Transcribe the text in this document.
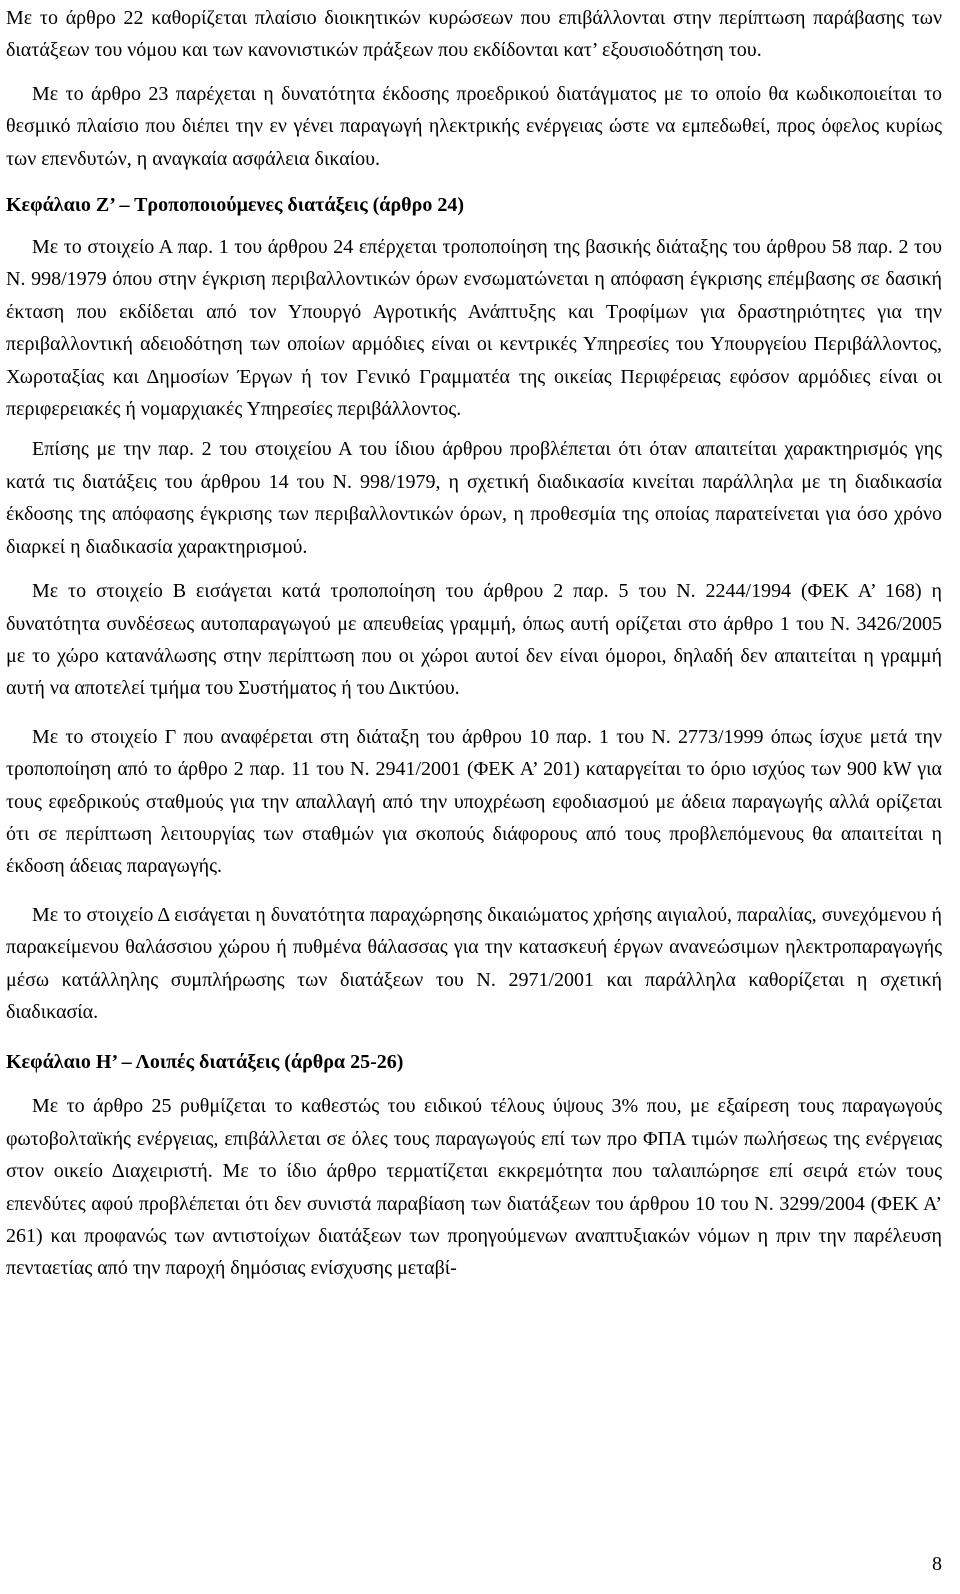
Με το άρθρο 22 καθορίζεται πλαίσιο διοικητικών κυρώσεων που επιβάλλονται στην περίπτωση παράβασης των διατάξεων του νόμου και των κανονιστικών πράξεων που εκδίδονται κατ’ εξουσιοδότηση του.

Με το άρθρο 23 παρέχεται η δυνατότητα έκδοσης προεδρικού διατάγματος με το οποίο θα κωδικοποιείται το θεσμικό πλαίσιο που διέπει την εν γένει παραγωγή ηλεκτρικής ενέργειας ώστε να εμπεδωθεί, προς όφελος κυρίως των επενδυτών, η αναγκαία ασφάλεια δικαίου.

Κεφάλαιο Ζ’ – Τροποποιούμενες διατάξεις (άρθρο 24)

Με το στοιχείο Α παρ. 1 του άρθρου 24 επέρχεται τροποποίηση της βασικής διάταξης του άρθρου 58 παρ. 2 του Ν. 998/1979 όπου στην έγκριση περιβαλλοντικών όρων ενσωματώνεται η απόφαση έγκρισης επέμβασης σε δασική έκταση που εκδίδεται από τον Υπουργό Αγροτικής Ανάπτυξης και Τροφίμων για δραστηριότητες για την περιβαλλοντική αδειοδότηση των οποίων αρμόδιες είναι οι κεντρικές Υπηρεσίες του Υπουργείου Περιβάλλοντος, Χωροταξίας και Δημοσίων Έργων ή τον Γενικό Γραμματέα της οικείας Περιφέρειας εφόσον αρμόδιες είναι οι περιφερειακές ή νομαρχιακές Υπηρεσίες περιβάλλοντος.

Επίσης με την παρ. 2 του στοιχείου Α του ίδιου άρθρου προβλέπεται ότι όταν απαιτείται χαρακτηρισμός γης κατά τις διατάξεις του άρθρου 14 του Ν. 998/1979, η σχετική διαδικασία κινείται παράλληλα με τη διαδικασία έκδοσης της απόφασης έγκρισης των περιβαλλοντικών όρων, η προθεσμία της οποίας παρατείνεται για όσο χρόνο διαρκεί η διαδικασία χαρακτηρισμού.

Με το στοιχείο Β εισάγεται κατά τροποποίηση του άρθρου 2 παρ. 5 του Ν. 2244/1994 (ΦΕΚ Α’ 168) η δυνατότητα συνδέσεως αυτοπαραγωγού με απευθείας γραμμή, όπως αυτή ορίζεται στο άρθρο 1 του Ν. 3426/2005 με το χώρο κατανάλωσης στην περίπτωση που οι χώροι αυτοί δεν είναι όμοροι, δηλαδή δεν απαιτείται η γραμμή αυτή να αποτελεί τμήμα του Συστήματος ή του Δικτύου.

Με το στοιχείο Γ που αναφέρεται στη διάταξη του άρθρου 10 παρ. 1 του Ν. 2773/1999 όπως ίσχυε μετά την τροποποίηση από το άρθρο 2 παρ. 11 του Ν. 2941/2001 (ΦΕΚ Α’ 201) καταργείται το όριο ισχύος των 900 kW για τους εφεδρικούς σταθμούς για την απαλλαγή από την υποχρέωση εφοδιασμού με άδεια παραγωγής αλλά ορίζεται ότι σε περίπτωση λειτουργίας των σταθμών για σκοπούς διάφορους από τους προβλεπόμενους θα απαιτείται η έκδοση άδειας παραγωγής.

Με το στοιχείο Δ εισάγεται η δυνατότητα παραχώρησης δικαιώματος χρήσης αιγιαλού, παραλίας, συνεχόμενου ή παρακείμενου θαλάσσιου χώρου ή πυθμένα θάλασσας για την κατασκευή έργων ανανεώσιμων ηλεκτροπαραγωγής μέσω κατάλληλης συμπλήρωσης των διατάξεων του Ν. 2971/2001 και παράλληλα καθορίζεται η σχετική διαδικασία.

Κεφάλαιο Η’ – Λοιπές διατάξεις (άρθρα 25-26)

Με το άρθρο 25 ρυθμίζεται το καθεστώς του ειδικού τέλους ύψους 3% που, με εξαίρεση τους παραγωγούς φωτοβολταϊκής ενέργειας, επιβάλλεται σε όλες τους παραγωγούς επί των προ ΦΠΑ τιμών πωλήσεως της ενέργειας στον οικείο Διαχειριστή. Με το ίδιο άρθρο τερματίζεται εκκρεμότητα που ταλαιπώρησε επί σειρά ετών τους επενδύτες αφού προβλέπεται ότι δεν συνιστά παραβίαση των διατάξεων του άρθρου 10 του Ν. 3299/2004 (ΦΕΚ Α’ 261) και προφανώς των αντιστοίχων διατάξεων των προηγούμενων αναπτυξιακών νόμων η πριν την παρέλευση πενταετίας από την παροχή δημόσιας ενίσχυσης μεταβί-

8
